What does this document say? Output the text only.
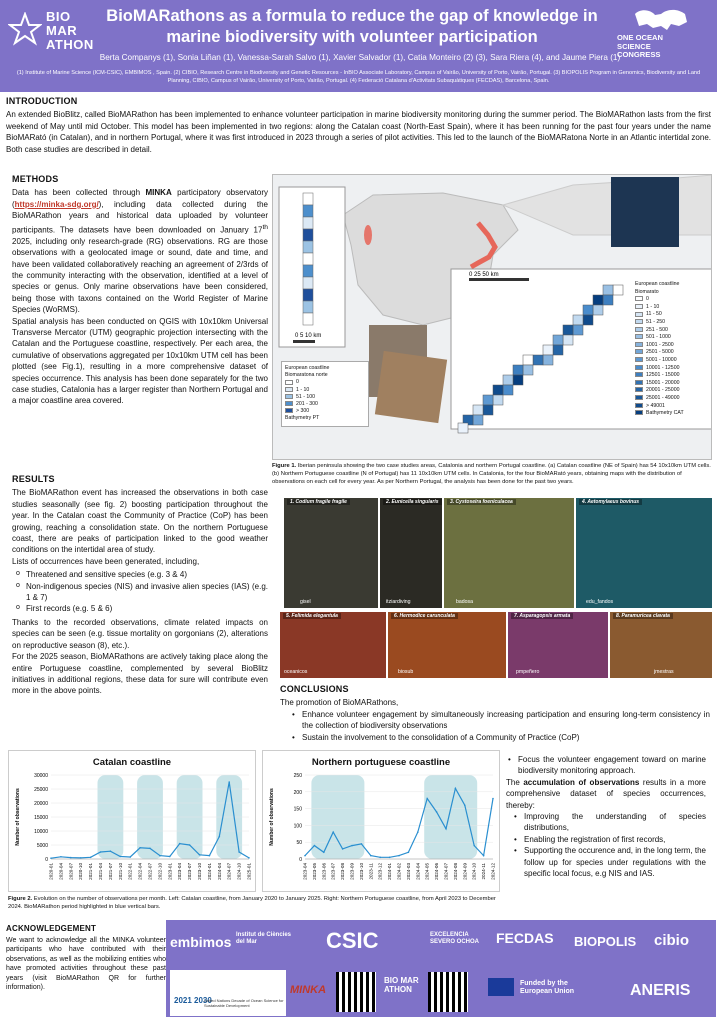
BIO
MAR
ATHON
BioMARathons as a formula to reduce the gap of knowledge in marine biodiversity with volunteer participation
Berta Companys (1), Sonia Liñan (1), Vanessa-Sarah Salvo (1), Xavier Salvador (1), Catia Monteiro (2) (3), Sara Riera (4), and Jaume Piera (1)
(1) Institute of Marine Science (ICM-CSIC), EMBIMOS , Spain. (2) CIBIO, Research Centre in Biodiversity and Genetic Resources - InBIO Associate Laboratory, Campus of Vairão, University of Porto, Vairão, Portugal. (3) BIOPOLIS Program in Genomics, Biodiversity and Land Planning, CIBIO, Campus of Vairão, University of Porto, Vairão, Portugal. (4) Federació Catalana d'Activitats Subaquàtiques (FECDAS), Barcelona, Spain.
ONE OCEAN
SCIENCE
CONGRESS
INTRODUCTION
An extended BioBlitz, called BioMARathon has been implemented to enhance volunteer participation in marine biodiversity monitoring during the summer period. The BioMARathon lasts from the first weekend of May until mid October. This model has been implemented in two regions: along the Catalan coast (North-East Spain), where it has been running for the past four years under the name BioMARató (in Catalan), and in northern Portugal, where it was first introduced in 2023 through a series of pilot activities. This led to the launch of the BioMARatona Norte in an Atlantic intertidal zone. Both case studies are described in detail.
METHODS
Data has been collected through MINKA participatory observatory (https://minka-sdg.org/), including data collected during the BioMARathon years and historical data uploaded by volunteer participants. The datasets have been downloaded on January 17th 2025, including only research-grade (RG) observations. RG are those observations with a geolocated image or sound, date and time, and have been validated collaboratively reaching an agreement of 2/3rds of the community interacting with the observation, identified at a level of species or genus. Only marine observations have been considered, being those with taxons contained on the World Register of Marine Species (WoRMS).
Spatial analysis has been conducted on QGIS with 10x10km Universal Transverse Mercator (UTM) geographic projection intersecting with the Catalan and the Portuguese coastline, respectively. Per each area, the cumulative of observations aggregated per 10x10km UTM cell has been plotted (see Fig.1), resulting in a more comprehensive dataset of species occurrence. This analysis has been done separately for the two case studies, Catalonia has a larger register than Northern Portugal and a major coastline area covered.
RESULTS
The BioMARathon event has increased the observations in both case studies seasonally (see fig. 2) boosting participation throughout the year. In the Catalan coast the Community of Practice (CoP) has been growing, reaching a consolidation state. On the northern Portuguese coast, there are peaks of participation linked to the good weather conditions on the intertidal area of study.
Lists of occurrences have been generated, including,
o Threatened and sensitive species (e.g. 3 & 4)
o Non-indigenous species (NIS) and invasive alien species (IAS) (e.g. 1 & 7)
o First records (e.g. 5 & 6)
Thanks to the recorded observations, climate related impacts on species can be seen (e.g. tissue mortality on gorgonians (2), alterations on reproductive season (8), etc.).
For the 2025 season, BioMARathons are actively taking place along the entire Portuguese coastline, complemented by several BioBlitz initiatives in additional regions, these data for sure will contribute even more in the above points.
0 5 10 km
0 25 50 km
European coastline
Biomaratona norte
0
1 - 10
51 - 100
201 - 300
> 300
Bathymetry PT
European coastline
Biomarato
0
1 - 10
11 - 50
51 - 250
251 - 500
501 - 1000
1001 - 2500
2501 - 5000
5001 - 10000
10001 - 12500
12501 - 15000
15001 - 20000
20001 - 25000
25001 - 49000
> 49001
Bathymetry CAT
Figure 1. Iberian peninsula showing the two case studies areas, Catalonia and northern Portugal coastline. (a) Catalan coastline (NE of Spain) has 54 10x10km UTM cells. (b) Northern Portuguese coastline (N of Portugal) has 11 10x10km UTM cells. In Catalonia, for the four BioMARató years, obtaining maps with the distribution of observations on each cell for every year. As per Northern Portugal, the analysis has been done for the past two years.
1. Codium fragile fragile
gisel
2. Eunicella singularis
itziardiving
3. Cystoseira foeniculacea
badosa
4. Aetomylaeus bovinus
edu_fandos
5. Felimida elegantula
oceanicos
6. Hermodice carunculata
biosub
7. Asparagopsis armata
pmpeñero
8. Paramuricea clavata
jmestras
CONCLUSIONS
The promotion of BioMARathons,
• Enhance volunteer engagement by simultaneously increasing participation and ensuring long-term consistency in the collection of biodiversity observations
• Sustain the involvement to the consolidation of a Community of Practice (CoP)
• Focus the volunteer engagement toward on marine biodiversity monitoring approach.
The accumulation of observations results in a more comprehensive dataset of species occurrences, thereby:
• Improving the understanding of species distributions,
• Enabling the registration of first records,
• Supporting the occurence and, in the long term, the follow up for species under regulations with the specific local focus, e.g NIS and IAS.
Catalan coastline
0
5000
10000
15000
20000
25000
30000
2020-01 2020-04 2020-07 2020-10 2021-01 2021-04 2021-07 2021-10 2022-01 2022-04 2022-07 2022-10 2023-01 2023-04 2023-07 2023-10 2024-01 2024-04 2024-07 2024-10 2025-01
Number of observations
Northern portuguese coastline
0
50
100
150
200
250
2023-04 2023-05 2023-06 2023-07 2023-08 2023-09 2023-10 2023-11 2023-12 2024-01 2024-02 2024-03 2024-04 2024-05 2024-06 2024-07 2024-08 2024-09 2024-10 2024-11 2024-12
Number of observations
Figure 2. Evolution on the number of observations per month. Left: Catalan coastline, from January 2020 to January 2025. Right: Northern Portuguese coastline, from April 2023 to December 2024. BioMARathon period highlighted in blue vertical bars.
ACKNOWLEDGEMENT
We want to acknowledge all the MINKA volunteer participants who have contributed with their observations, as well as the mobilizing entities who have promoted activities throughout these past years (visit BioMARathon QR for further information).
embimos Institut de Ciències del Mar	CSIC	EXCELENCIA SEVERO OCHOA FECDAS BIOPOLIS cibio
2021 2030
United Nations Decade of Ocean Science for Sustainable Development
MINKA
BIO MAR ATHON
Funded by the European Union	ANERIS
